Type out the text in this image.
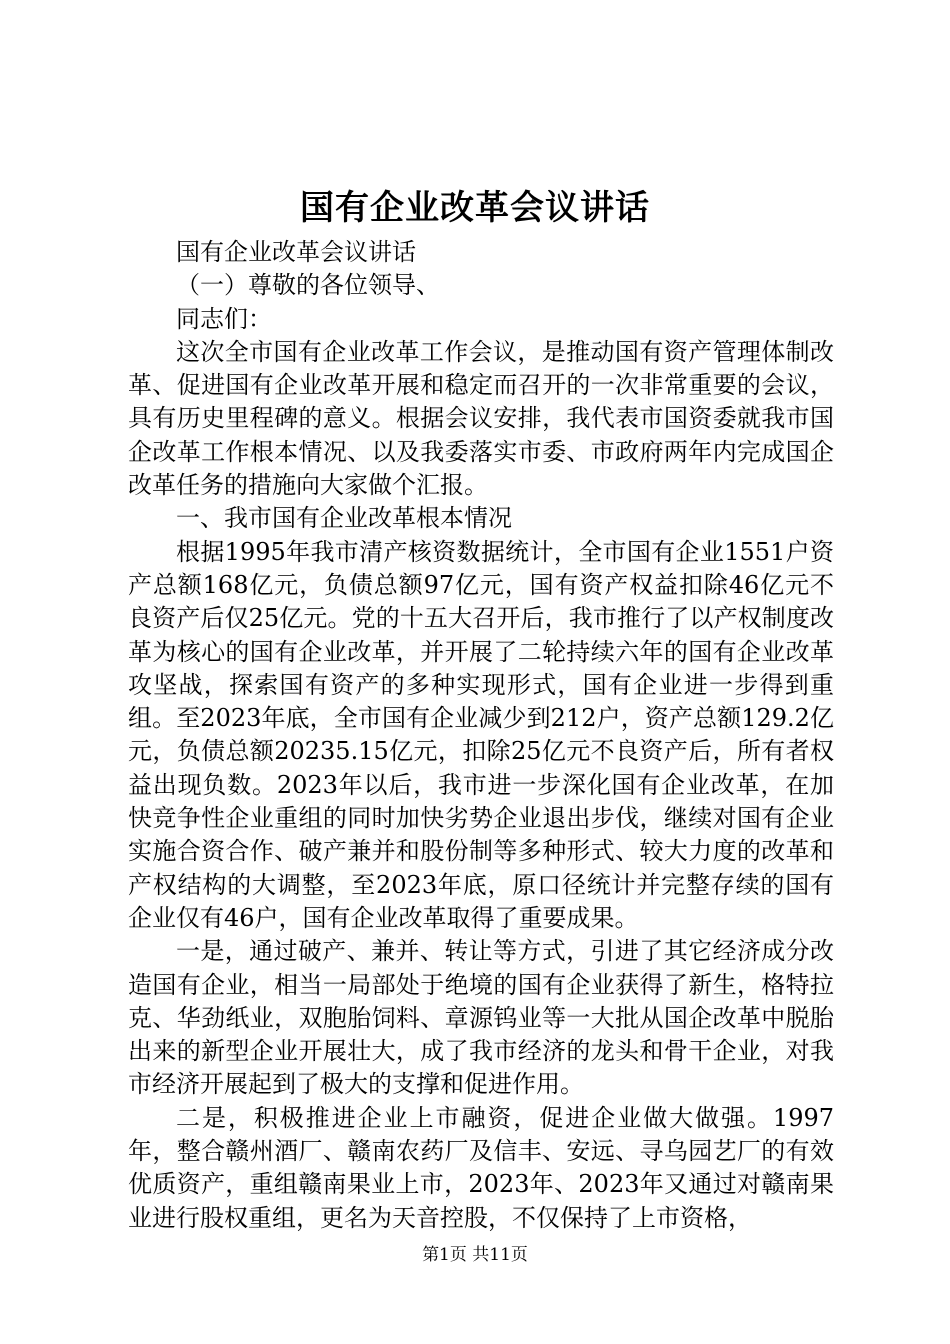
国有企业改革会议讲话

国有企业改革会议讲话

（一）尊敬的各位领导、

同志们：

这次全市国有企业改革工作会议，是推动国有资产管理体制改革、促进国有企业改革开展和稳定而召开的一次非常重要的会议，具有历史里程碑的意义。根据会议安排，我代表市国资委就我市国企改革工作根本情况、以及我委落实市委、市政府两年内完成国企改革任务的措施向大家做个汇报。

一、我市国有企业改革根本情况

根据1995年我市清产核资数据统计，全市国有企业1551户资产总额168亿元，负债总额97亿元，国有资产权益扣除46亿元不良资产后仅25亿元。党的十五大召开后，我市推行了以产权制度改革为核心的国有企业改革，并开展了二轮持续六年的国有企业改革攻坚战，探索国有资产的多种实现形式，国有企业进一步得到重组。至2023年底，全市国有企业减少到212户，资产总额129.2亿元，负债总额20235.15亿元，扣除25亿元不良资产后，所有者权益出现负数。2023年以后，我市进一步深化国有企业改革，在加快竞争性企业重组的同时加快劣势企业退出步伐，继续对国有企业实施合资合作、破产兼并和股份制等多种形式、较大力度的改革和产权结构的大调整，至2023年底，原口径统计并完整存续的国有企业仅有46户，国有企业改革取得了重要成果。

一是，通过破产、兼并、转让等方式，引进了其它经济成分改造国有企业，相当一局部处于绝境的国有企业获得了新生，格特拉克、华劲纸业，双胞胎饲料、章源钨业等一大批从国企改革中脱胎出来的新型企业开展壮大，成了我市经济的龙头和骨干企业，对我市经济开展起到了极大的支撑和促进作用。

二是，积极推进企业上市融资，促进企业做大做强。1997年，整合赣州酒厂、赣南农药厂及信丰、安远、寻乌园艺厂的有效优质资产，重组赣南果业上市，2023年、2023年又通过对赣南果业进行股权重组，更名为天音控股，不仅保持了上市资格，

第1页 共11页
